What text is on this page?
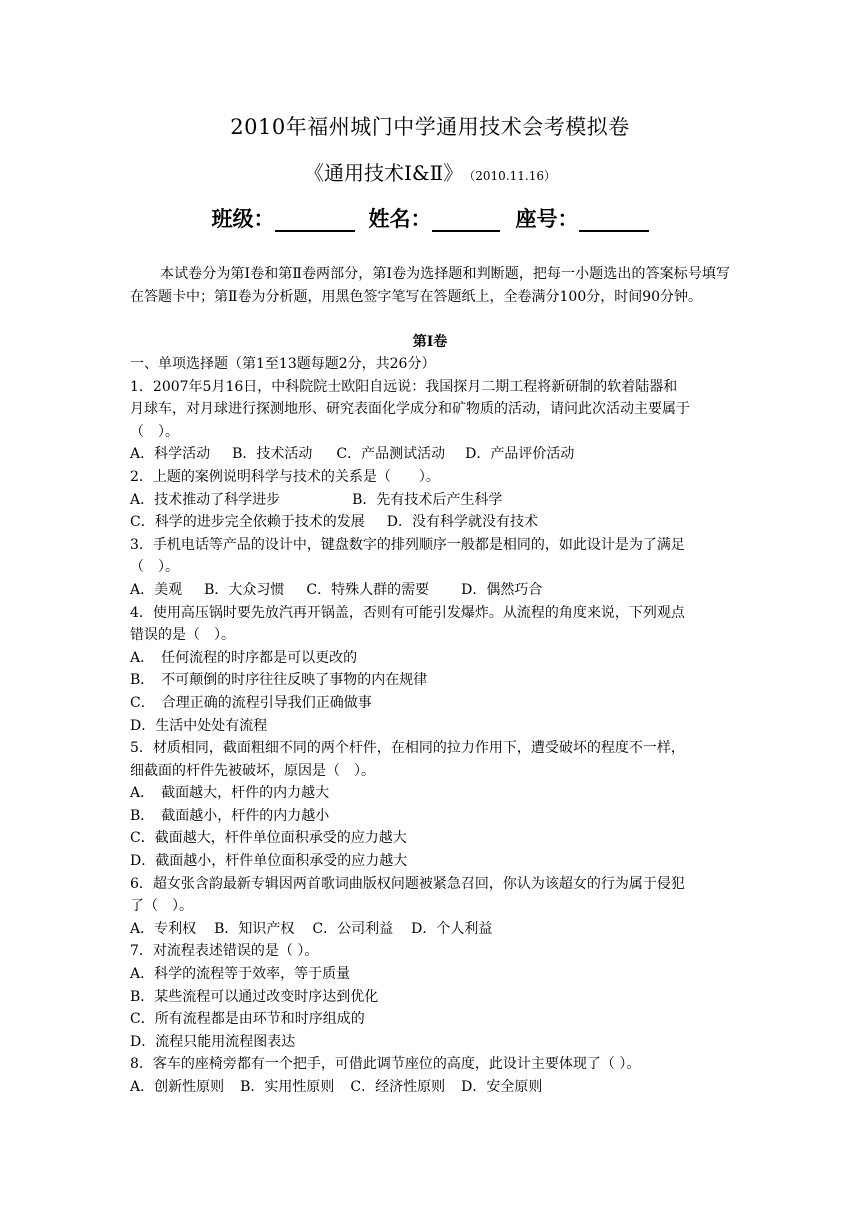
2010年福州城门中学通用技术会考模拟卷
《通用技术Ⅰ&Ⅱ》 （2010.11.16）
班级：	姓名：	座号：
本试卷分为第Ⅰ卷和第Ⅱ卷两部分，第Ⅰ卷为选择题和判断题，把每一小题选出的答案标号填写在答题卡中；第Ⅱ卷为分析题，用黑色签字笔写在答题纸上，全卷满分100分，时间90分钟。
第Ⅰ卷
一、单项选择题（第1至13题每题2分，共26分）
1．2007年5月16日，中科院院士欧阳自远说：我国探月二期工程将新研制的软着陆器和
月球车，对月球进行探测地形、研究表面化学成分和矿物质的活动，请问此次活动主要属于
（　）。
A．科学活动 B．技术活动 C．产品测试活动 D．产品评价活动
2．上题的案例说明科学与技术的关系是（　　）。
A．技术推动了科学进步	B．先有技术后产生科学
C．科学的进步完全依赖于技术的发展 D．没有科学就没有技术
3．手机电话等产品的设计中，键盘数字的排列顺序一般都是相同的，如此设计是为了满足
（　）。
A．美观 B．大众习惯 C．特殊人群的需要 D．偶然巧合
4．使用高压锅时要先放汽再开锅盖，否则有可能引发爆炸。从流程的角度来说，下列观点
错误的是（　）。
A．　任何流程的时序都是可以更改的
B．　不可颠倒的时序往往反映了事物的内在规律
C．　合理正确的流程引导我们正确做事
D．生活中处处有流程
5．材质相同，截面粗细不同的两个杆件，在相同的拉力作用下，遭受破坏的程度不一样，
细截面的杆件先被破坏，原因是（　）。
A．　截面越大，杆件的内力越大
B．　截面越小，杆件的内力越小
C．截面越大，杆件单位面积承受的应力越大
D．截面越小，杆件单位面积承受的应力越大
6．超女张含韵最新专辑因两首歌词曲版权问题被紧急召回，你认为该超女的行为属于侵犯
了（　）。
A．专利权 B．知识产权 C．公司利益 D．个人利益
7．对流程表述错误的是（ ）。
A．科学的流程等于效率，等于质量
B．某些流程可以通过改变时序达到优化
C．所有流程都是由环节和时序组成的
D．流程只能用流程图表达
8．客车的座椅旁都有一个把手，可借此调节座位的高度，此设计主要体现了（ ）。
A．创新性原则 B．实用性原则 C．经济性原则 D．安全原则
